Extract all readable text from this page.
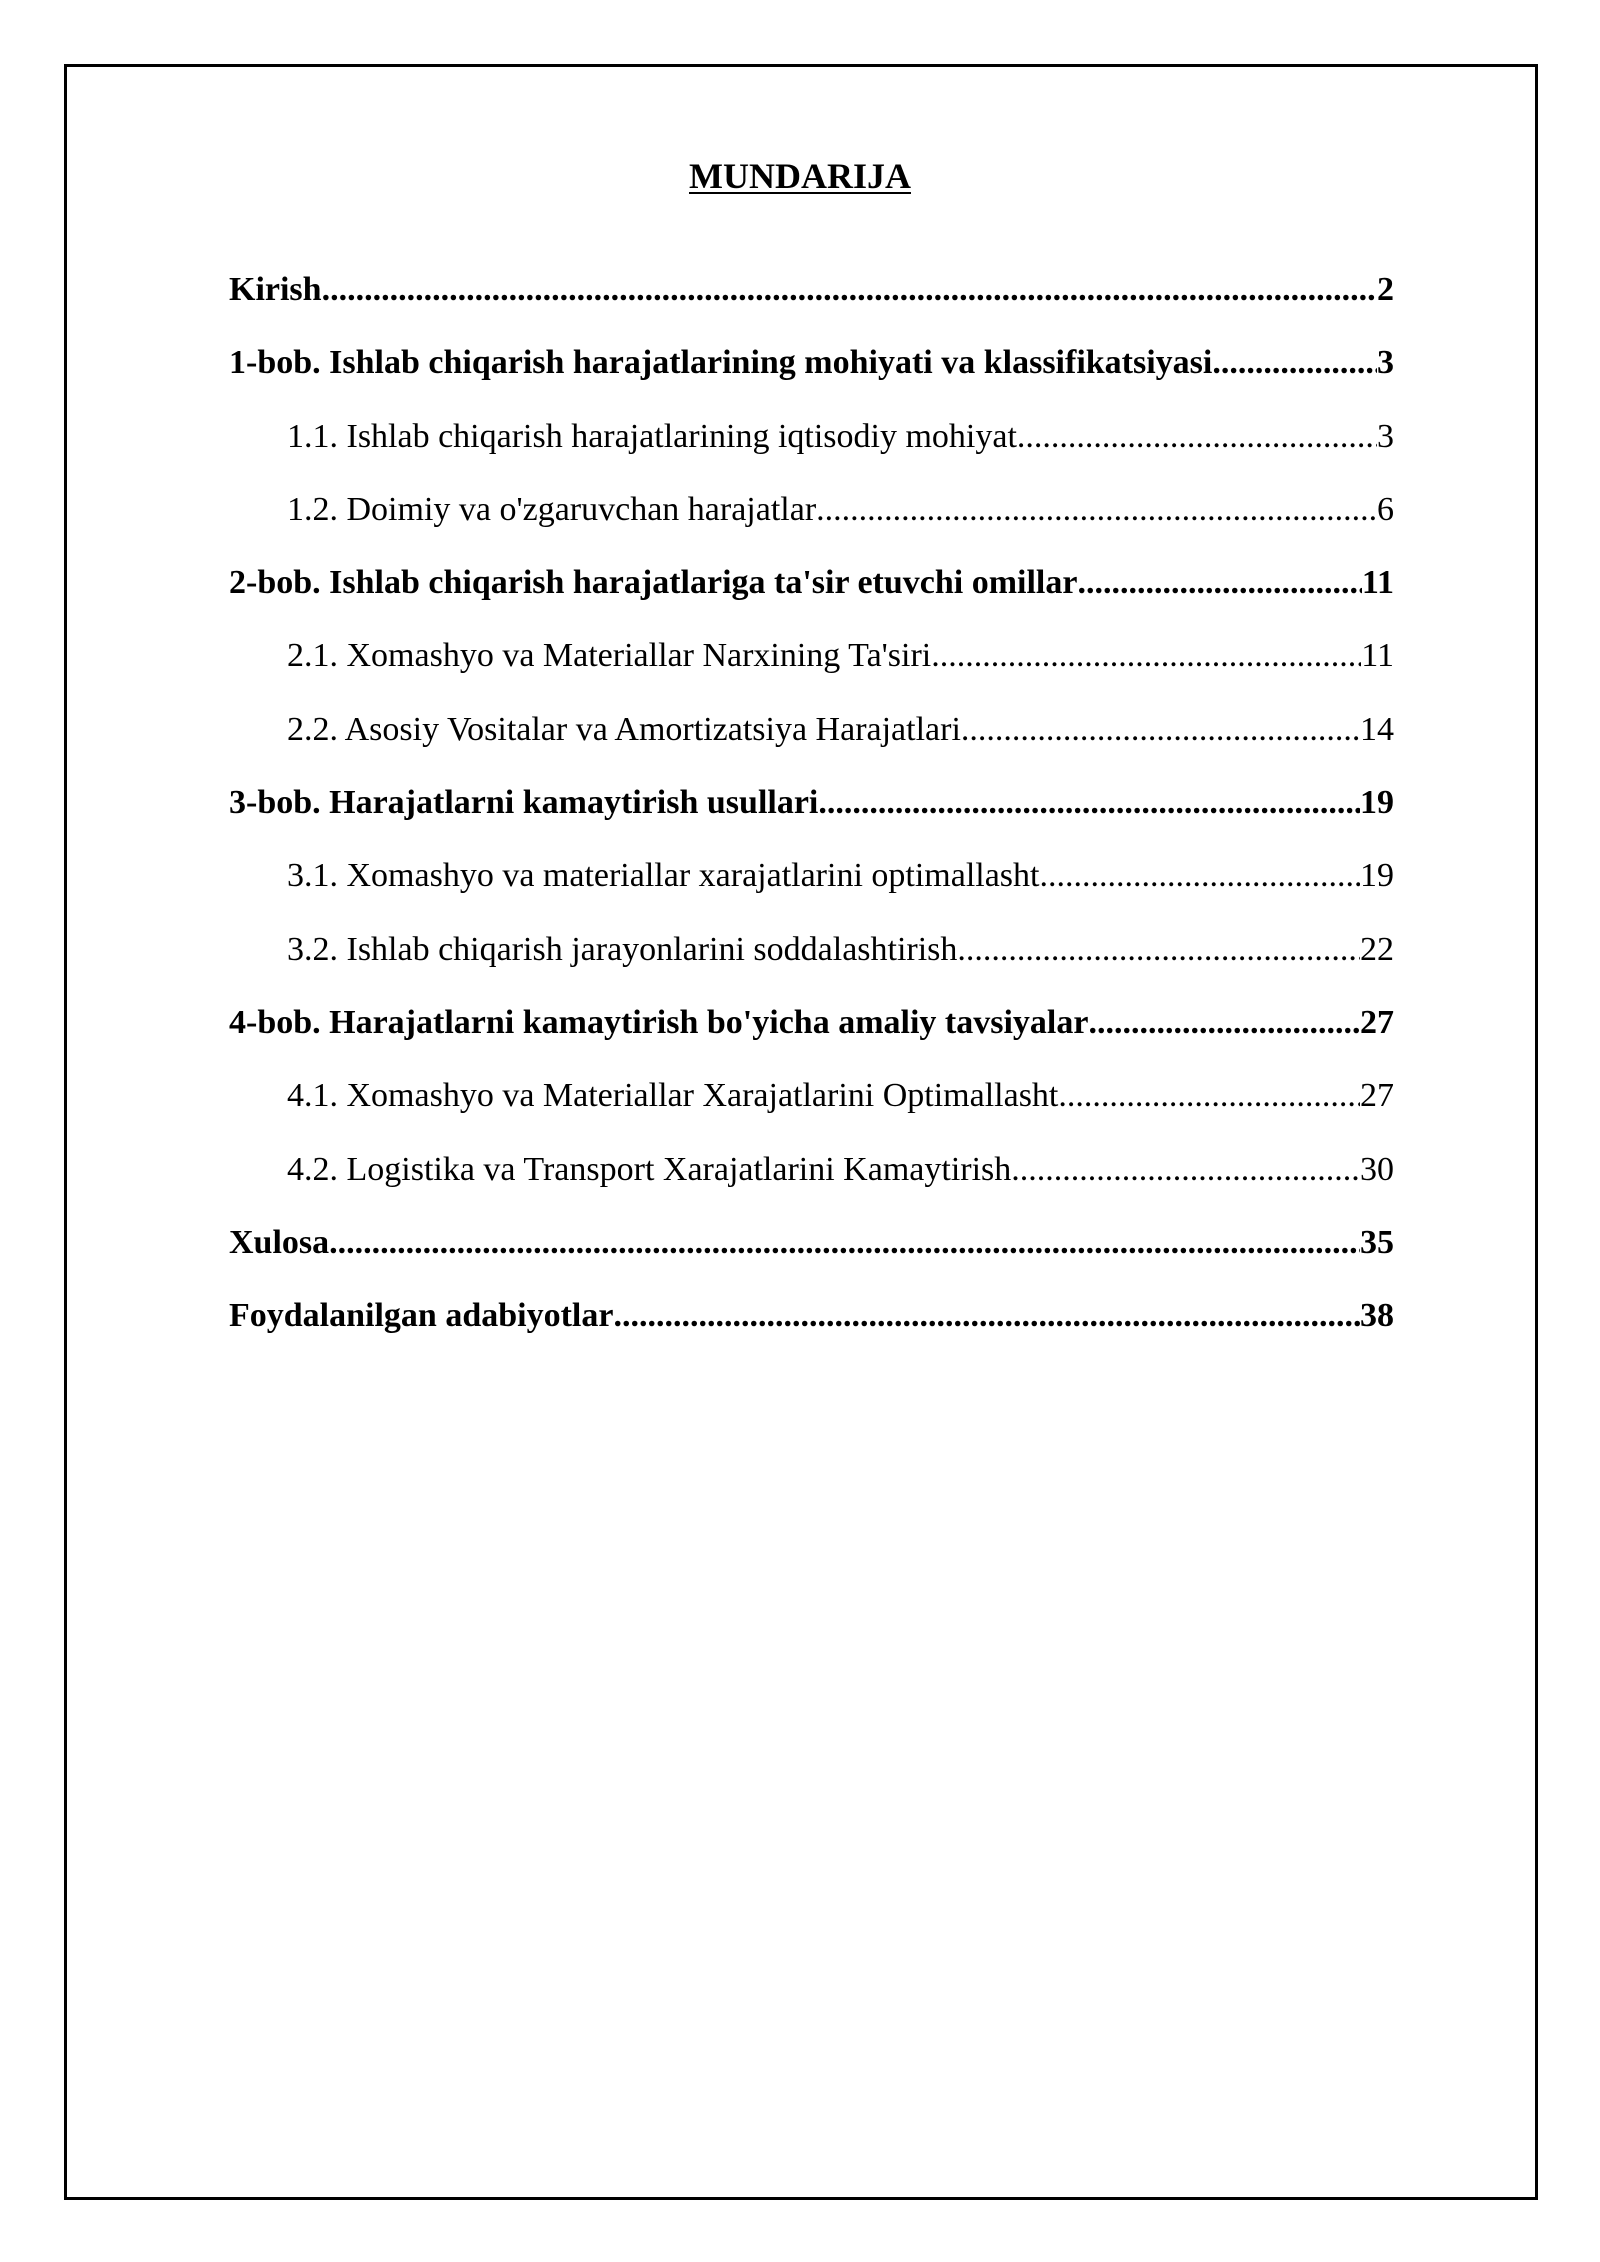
MUNDARIJA
Kirish .....	2
1-bob. Ishlab chiqarish harajatlarining mohiyati va klassifikatsiyasi .....	3
1.1. Ishlab chiqarish harajatlarining iqtisodiy mohiyat .....	3
1.2. Doimiy va o'zgaruvchan harajatlar .....	6
2-bob. Ishlab chiqarish harajatlariga ta'sir etuvchi omillar .....	11
2.1. Xomashyo va Materiallar Narxining Ta'siri .....	11
2.2. Asosiy Vositalar va Amortizatsiya Harajatlari .....	14
3-bob. Harajatlarni kamaytirish usullari .....	19
3.1. Xomashyo va materiallar xarajatlarini optimallasht .....	19
3.2. Ishlab chiqarish jarayonlarini soddalashtirish .....	22
4-bob. Harajatlarni kamaytirish bo'yicha amaliy tavsiyalar .....	27
4.1. Xomashyo va Materiallar Xarajatlarini Optimallasht .....	27
4.2. Logistika va Transport Xarajatlarini Kamaytirish .....	30
Xulosa .....	35
Foydalanilgan adabiyotlar .....	38
